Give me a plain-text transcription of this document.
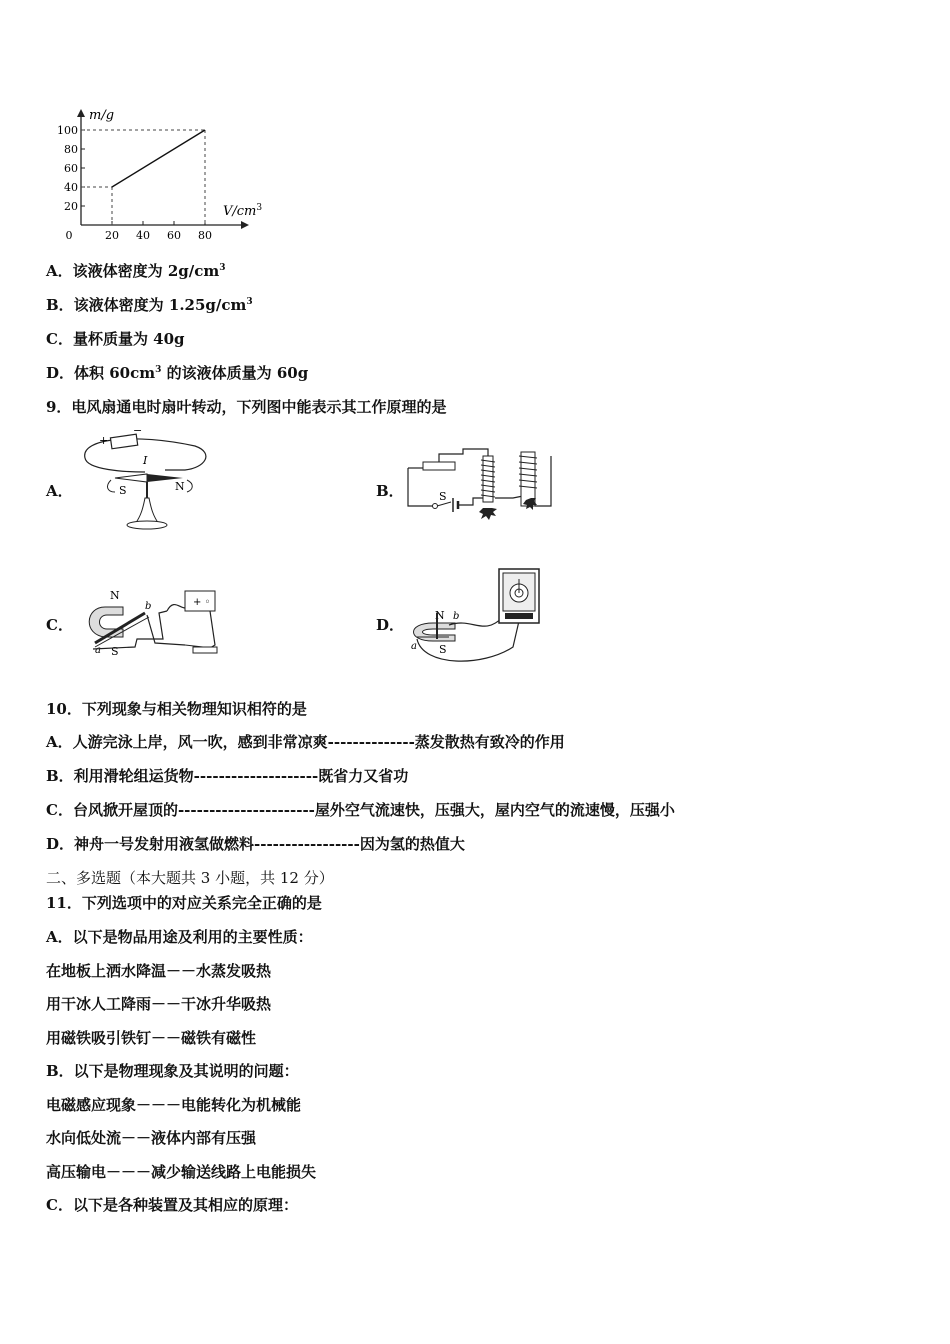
100
80
60
40
20
0	20 40 60 80
m/g
$V/cm^3$
A．该液体密度为 $2g/cm^3$
B．该液体密度为 $1.25g/cm^3$
C．量杯质量为 40g
D．体积 $60cm^3$ 的该液体质量为 60g
9．电风扇通电时扇叶转动，下列图中能表示其工作原理的是
A．
+
−
I
S	N	B．	S
C．
N
S
a
b	+ ◦
D．
N
S
b
a
10．下列现象与相关物理知识相符的是
A．人游完泳上岸，风一吹，感到非常凉爽--------------蒸发散热有致冷的作用
B．利用滑轮组运货物--------------------既省力又省功
C．台风掀开屋顶的----------------------屋外空气流速快，压强大，屋内空气的流速慢，压强小
D．神舟一号发射用液氢做燃料-----------------因为氢的热值大
二、多选题（本大题共 3 小题，共 12 分）
11．下列选项中的对应关系完全正确的是
A．以下是物品用途及利用的主要性质：
在地板上洒水降温－－水蒸发吸热
用干冰人工降雨－－干冰升华吸热
用磁铁吸引铁钉－－磁铁有磁性
B．以下是物理现象及其说明的问题：
电磁感应现象－－－电能转化为机械能
水向低处流－－液体内部有压强
高压输电－－－减少输送线路上电能损失
C．以下是各种装置及其相应的原理：
